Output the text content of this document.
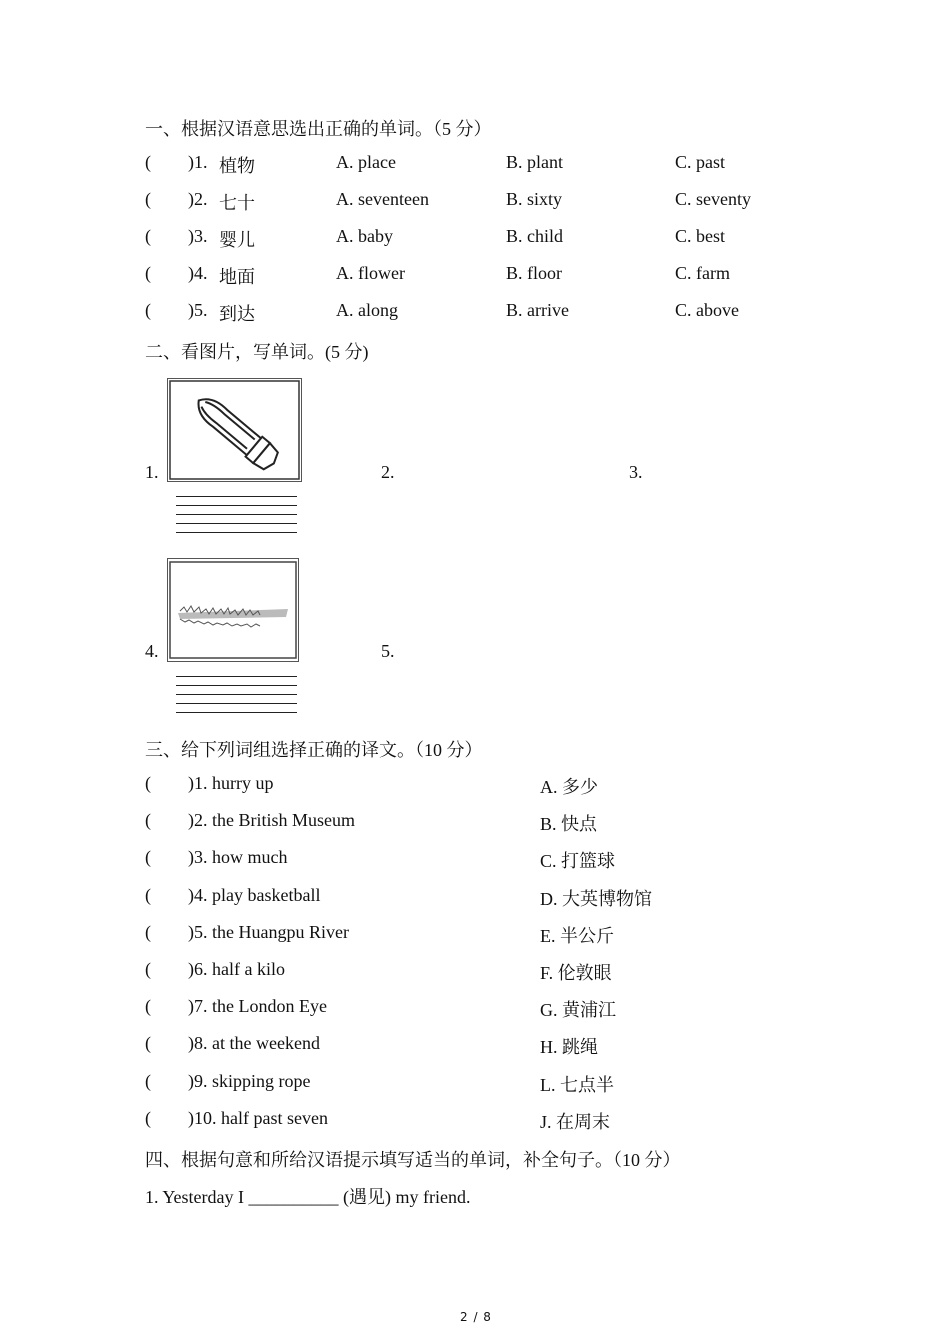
一、根据汉语意思选出正确的单词。（5 分）
( )1. 植物	A. place	B. plant	C. past
( )2. 七十	A. seventeen	B. sixty	C. seventy
( )3. 婴儿	A. baby	B. child	C. best
( )4. 地面	A. flower	B. floor	C. farm
( )5. 到达	A. along	B. arrive	C. above
二、看图片，写单词。(5 分)
1.	2.	3.
4.	5.
三、给下列词组选择正确的译文。（10 分）
( )1. hurry up	A. 多少
( )2. the British Museum	B. 快点
( )3. how much	C. 打篮球
( )4. play basketball	D. 大英博物馆
( )5. the Huangpu River	E. 半公斤
( )6. half a kilo	F. 伦敦眼
( )7. the London Eye	G. 黄浦江
( )8. at the weekend	H. 跳绳
( )9. skipping rope	L. 七点半
( )10. half past seven	J. 在周末
四、根据句意和所给汉语提示填写适当的单词，补全句子。（10 分）
1. Yesterday I __________ (遇见) my friend.
2 / 8
